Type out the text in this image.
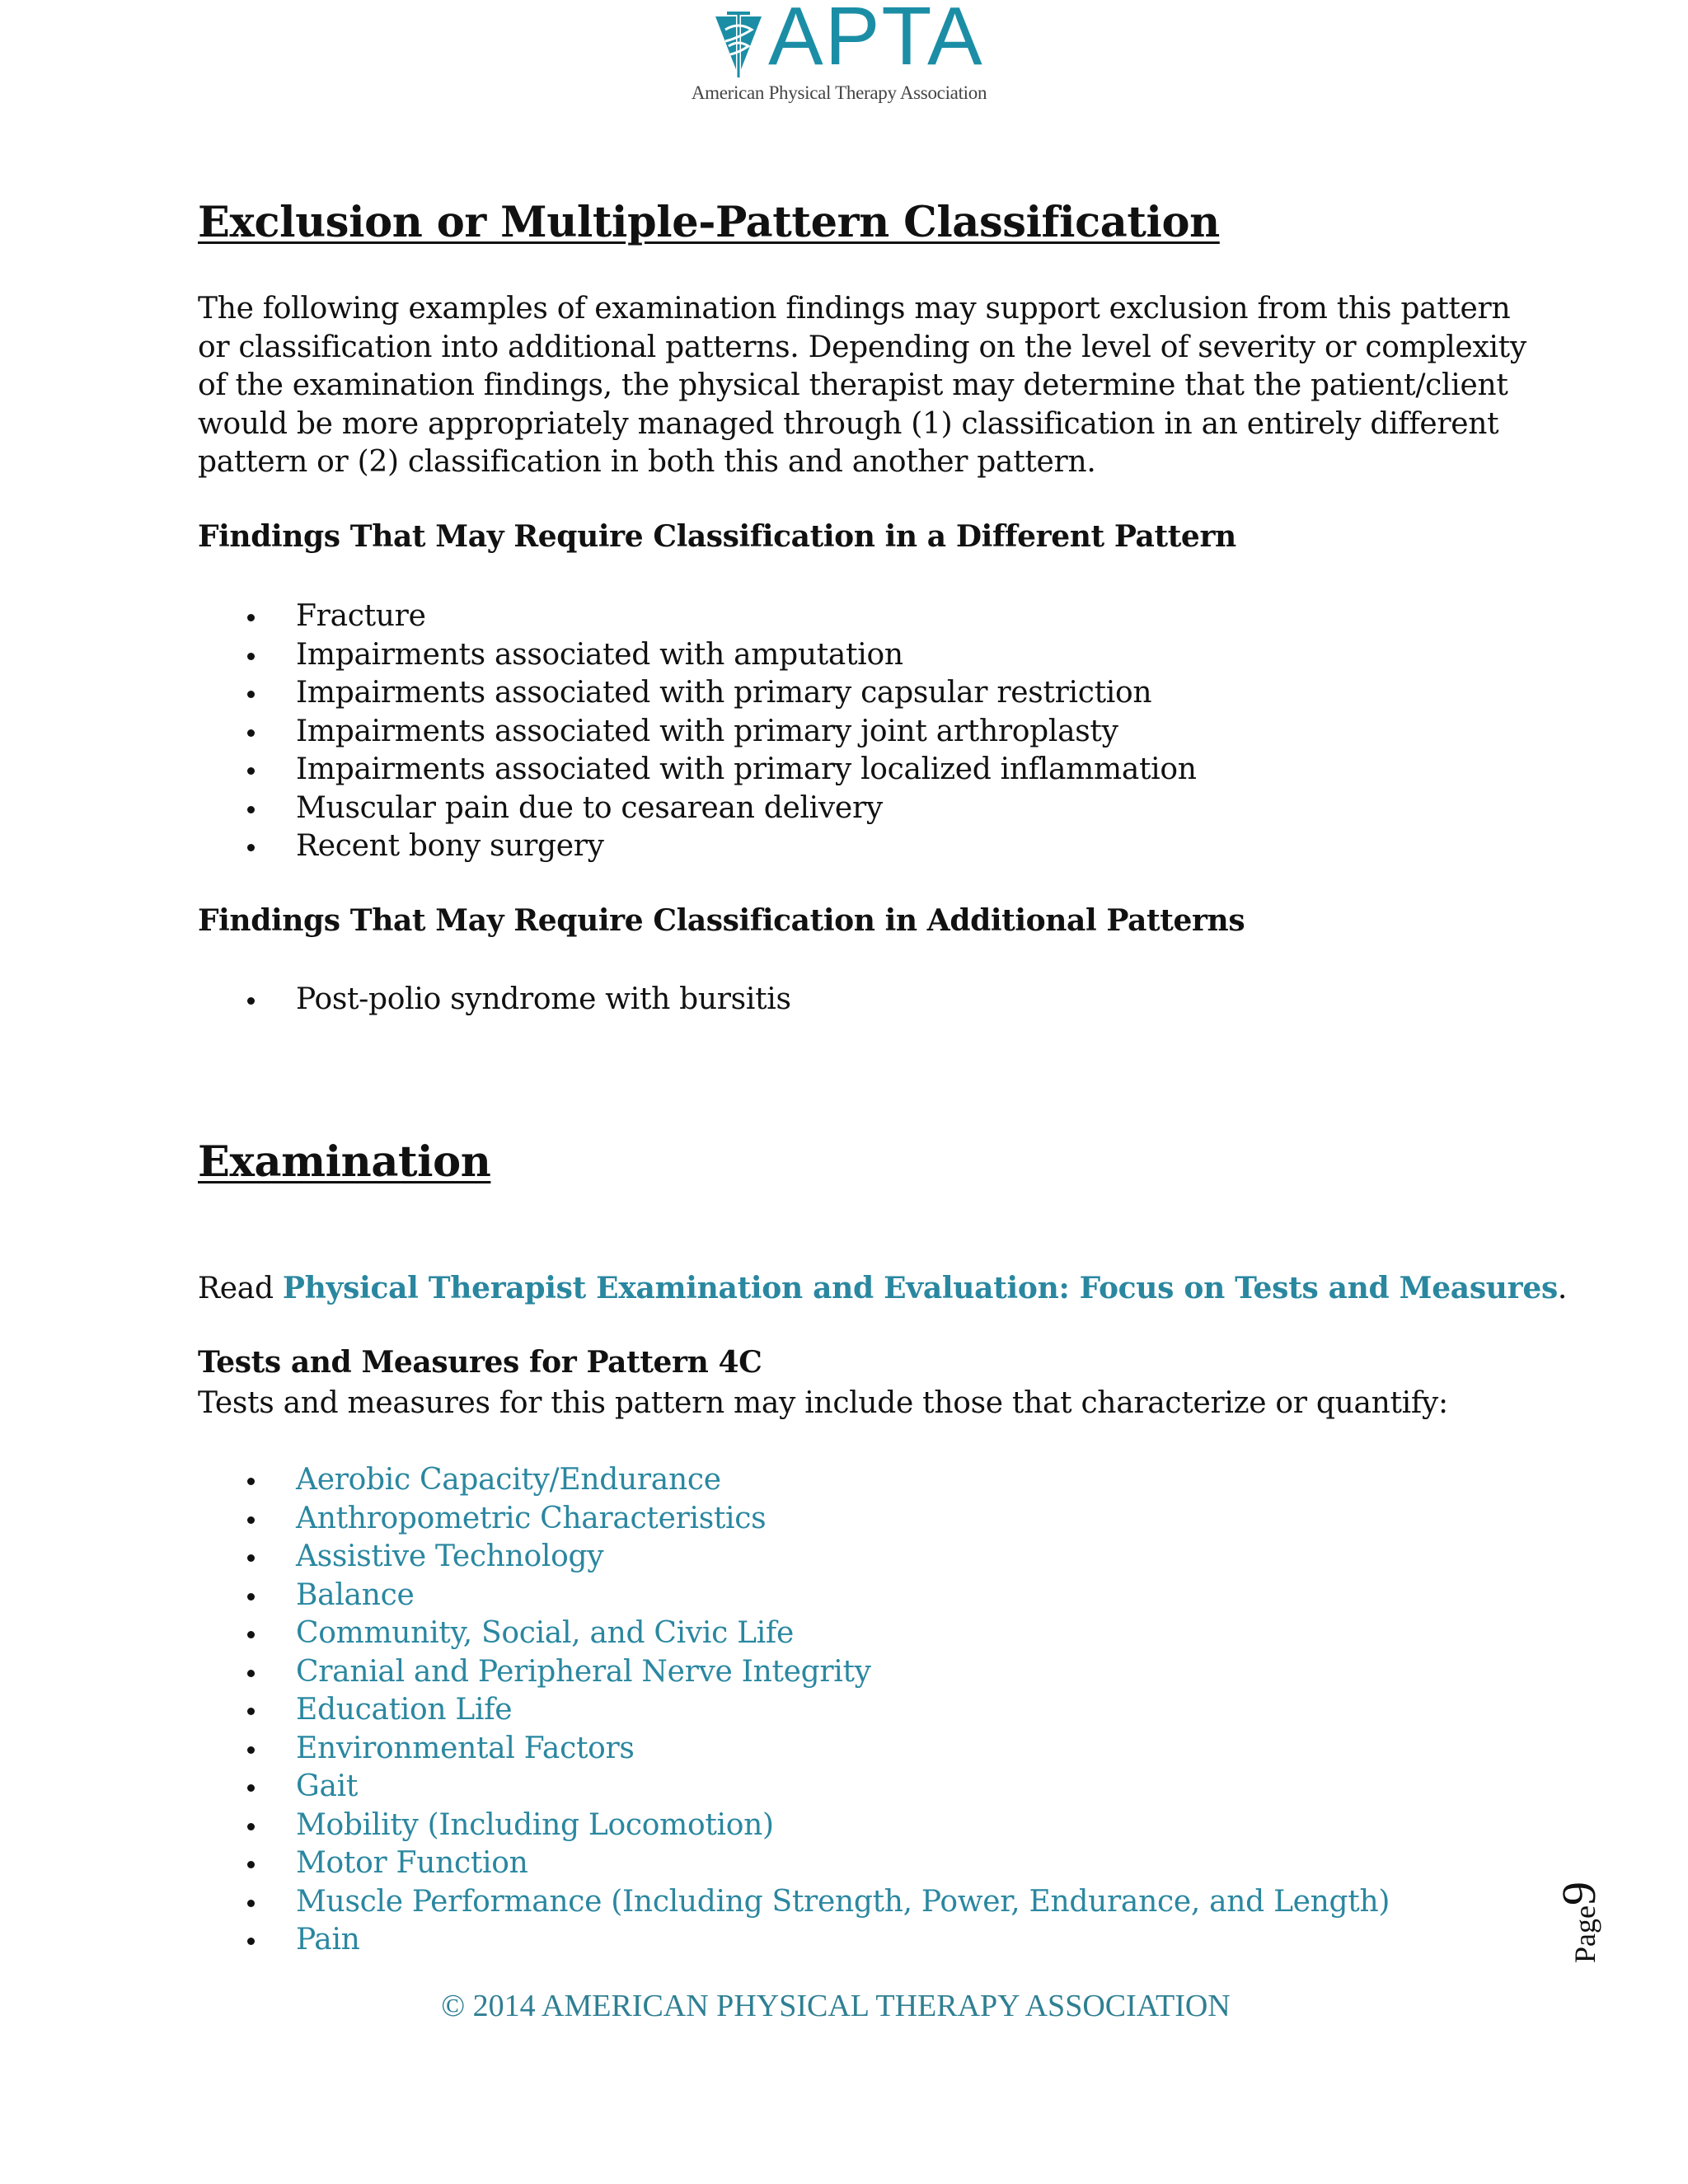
APTA
American Physical Therapy Association
Exclusion or Multiple-Pattern Classification

The following examples of examination findings may support exclusion from this pattern or classification into additional patterns. Depending on the level of severity or complexity of the examination findings, the physical therapist may determine that the patient/client would be more appropriately managed through (1) classification in an entirely different pattern or (2) classification in both this and another pattern.

Findings That May Require Classification in a Different Pattern

Fracture
Impairments associated with amputation
Impairments associated with primary capsular restriction
Impairments associated with primary joint arthroplasty
Impairments associated with primary localized inflammation
Muscular pain due to cesarean delivery
Recent bony surgery

Findings That May Require Classification in Additional Patterns

Post-polio syndrome with bursitis
Examination

Read Physical Therapist Examination and Evaluation: Focus on Tests and Measures.

Tests and Measures for Pattern 4C

Tests and measures for this pattern may include those that characterize or quantify:

Aerobic Capacity/Endurance
Anthropometric Characteristics
Assistive Technology
Balance
Community, Social, and Civic Life
Cranial and Peripheral Nerve Integrity
Education Life
Environmental Factors
Gait
Mobility (Including Locomotion)
Motor Function
Muscle Performance (Including Strength, Power, Endurance, and Length)
Pain	Page9
© 2014 AMERICAN PHYSICAL THERAPY ASSOCIATION
